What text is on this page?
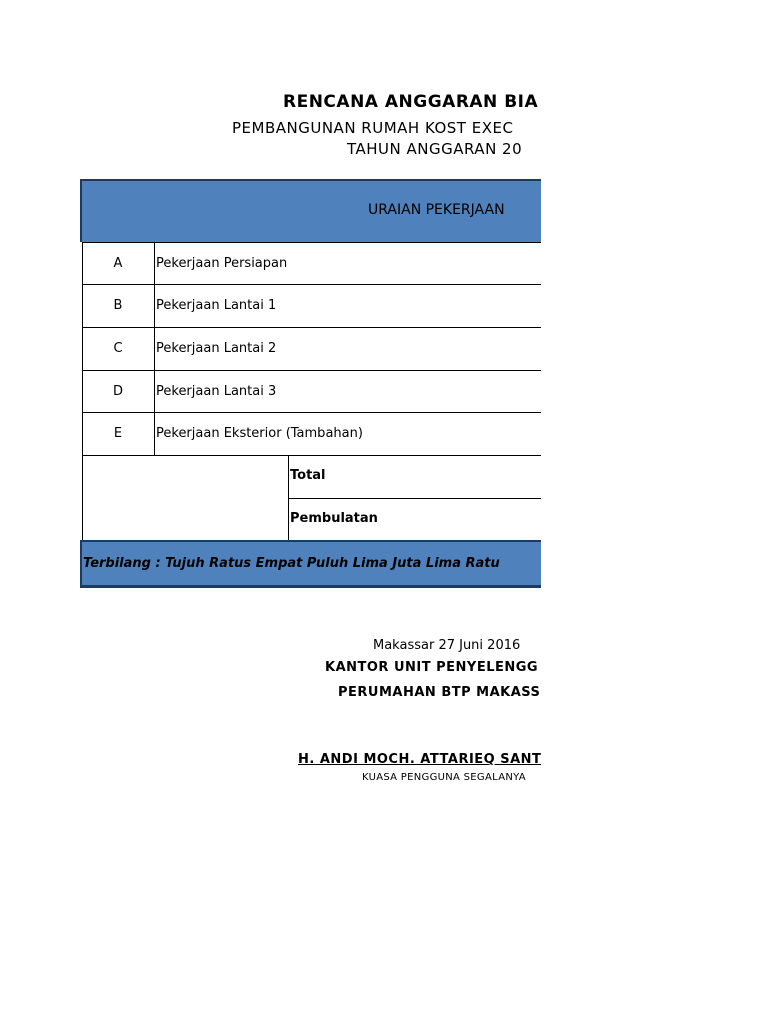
RENCANA ANGGARAN BIA
PEMBANGUNAN RUMAH KOST EXEC
TAHUN ANGGARAN 20
URAIAN PEKERJAAN
A	Pekerjaan Persiapan
B	Pekerjaan Lantai 1
C	Pekerjaan Lantai 2
D	Pekerjaan Lantai 3
E	Pekerjaan Eksterior (Tambahan)
Total
Pembulatan
Terbilang : Tujuh Ratus Empat Puluh Lima Juta Lima Ratu
Makassar 27 Juni 2016
KANTOR UNIT PENYELENGG
PERUMAHAN BTP MAKASS
H. ANDI MOCH. ATTARIEQ SANT
KUASA PENGGUNA SEGALANYA
